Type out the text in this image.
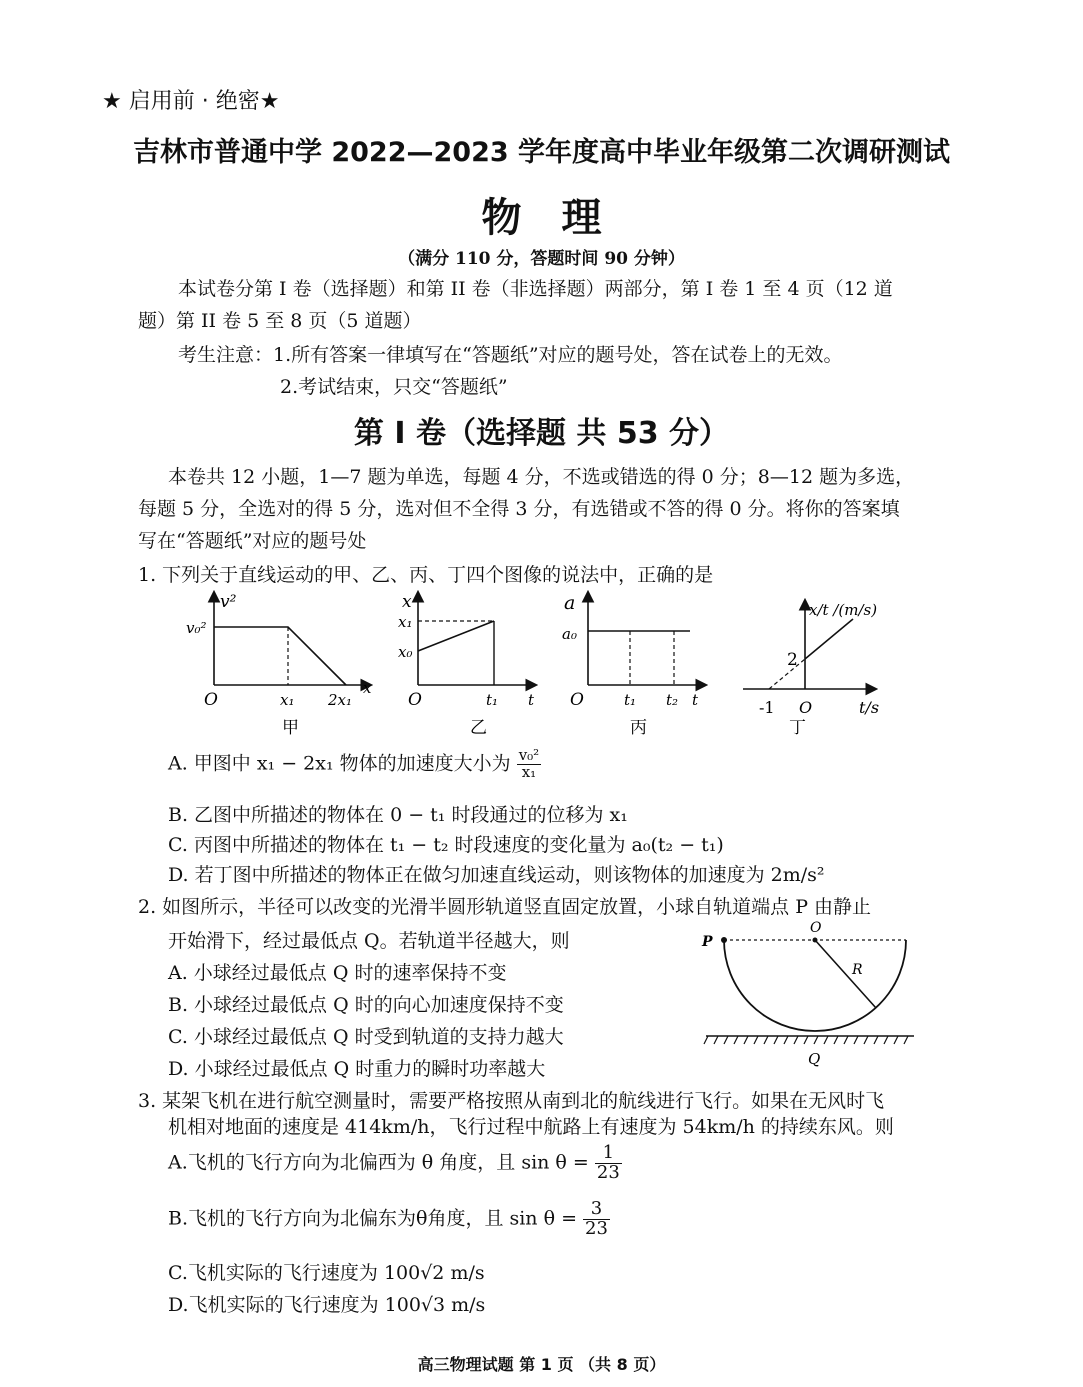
★ 启用前 · 绝密★
吉林市普通中学 2022—2023 学年度高中毕业年级第二次调研测试
物理
（满分 110 分，答题时间 90 分钟）
本试卷分第 I 卷（选择题）和第 II 卷（非选择题）两部分，第 I 卷 1 至 4 页（12 道
题）第 II 卷 5 至 8 页（5 道题）
考生注意：1.所有答案一律填写在“答题纸”对应的题号处，答在试卷上的无效。
2.考试结束，只交“答题纸”
第 I 卷（选择题 共 53 分）
本卷共 12 小题，1—7 题为单选，每题 4 分，不选或错选的得 0 分；8—12 题为多选，
每题 5 分，全选对的得 5 分，选对但不全得 3 分，有选错或不答的得 0 分。将你的答案填
写在“答题纸”对应的题号处
1. 下列关于直线运动的甲、乙、丙、丁四个图像的说法中，正确的是
v²
v₀²
O	x₁ 2x₁
x
甲
x
x₁
x₀
O	t₁ t
乙
a
a₀
O	t₁ t₂ t
丙
x/t /(m/s)
2
-1 O	t/s
丁
A. 甲图中 x₁ − 2x₁ 物体的加速度大小为 $\frac{\text{v₀²}}{\text{x₁}}$
B. 乙图中所描述的物体在 0 − t₁ 时段通过的位移为 x₁
C. 丙图中所描述的物体在 t₁ − t₂ 时段速度的变化量为 a₀(t₂ − t₁)
D. 若丁图中所描述的物体正在做匀加速直线运动，则该物体的加速度为 2m/s²
2. 如图所示，半径可以改变的光滑半圆形轨道竖直固定放置，小球自轨道端点 P 由静止
开始滑下，经过最低点 Q。若轨道半径越大，则
A. 小球经过最低点 Q 时的速率保持不变
B. 小球经过最低点 Q 时的向心加速度保持不变
C. 小球经过最低点 Q 时受到轨道的支持力越大
D. 小球经过最低点 Q 时重力的瞬时功率越大
P
O
R
Q
3. 某架飞机在进行航空测量时，需要严格按照从南到北的航线进行飞行。如果在无风时飞
机相对地面的速度是 414km/h，飞行过程中航路上有速度为 54km/h 的持续东风。则
A.飞机的飞行方向为北偏西为 θ 角度，且 $\sin \theta = \frac{1}{23}$
B.飞机的飞行方向为北偏东为θ角度，且 $\sin \theta = \frac{3}{23}$
C.飞机实际的飞行速度为 100√2 m/s
D.飞机实际的飞行速度为 100√3 m/s
高三物理试题 第 1 页 （共 8 页）
